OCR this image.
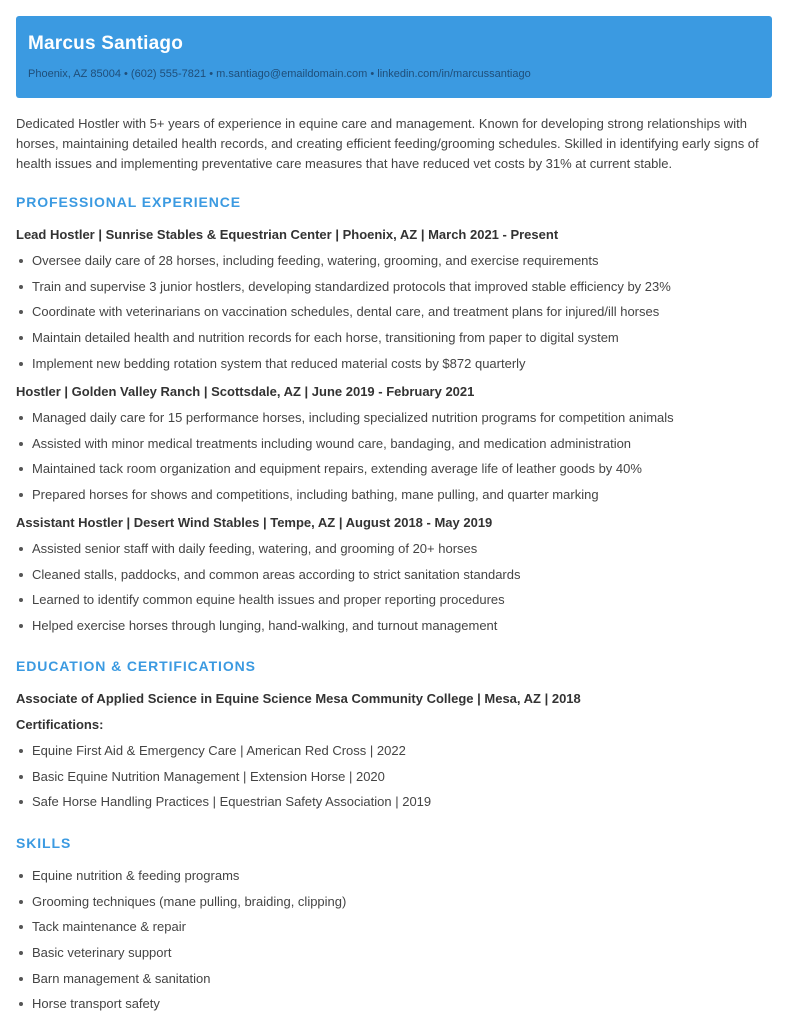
Marcus Santiago
Phoenix, AZ 85004 • (602) 555-7821 • m.santiago@emaildomain.com • linkedin.com/in/marcussantiago
Dedicated Hostler with 5+ years of experience in equine care and management. Known for developing strong relationships with horses, maintaining detailed health records, and creating efficient feeding/grooming schedules. Skilled in identifying early signs of health issues and implementing preventative care measures that have reduced vet costs by 31% at current stable.
PROFESSIONAL EXPERIENCE
Lead Hostler | Sunrise Stables & Equestrian Center | Phoenix, AZ | March 2021 - Present
Oversee daily care of 28 horses, including feeding, watering, grooming, and exercise requirements
Train and supervise 3 junior hostlers, developing standardized protocols that improved stable efficiency by 23%
Coordinate with veterinarians on vaccination schedules, dental care, and treatment plans for injured/ill horses
Maintain detailed health and nutrition records for each horse, transitioning from paper to digital system
Implement new bedding rotation system that reduced material costs by $872 quarterly
Hostler | Golden Valley Ranch | Scottsdale, AZ | June 2019 - February 2021
Managed daily care for 15 performance horses, including specialized nutrition programs for competition animals
Assisted with minor medical treatments including wound care, bandaging, and medication administration
Maintained tack room organization and equipment repairs, extending average life of leather goods by 40%
Prepared horses for shows and competitions, including bathing, mane pulling, and quarter marking
Assistant Hostler | Desert Wind Stables | Tempe, AZ | August 2018 - May 2019
Assisted senior staff with daily feeding, watering, and grooming of 20+ horses
Cleaned stalls, paddocks, and common areas according to strict sanitation standards
Learned to identify common equine health issues and proper reporting procedures
Helped exercise horses through lunging, hand-walking, and turnout management
EDUCATION & CERTIFICATIONS
Associate of Applied Science in Equine Science Mesa Community College | Mesa, AZ | 2018
Certifications:
Equine First Aid & Emergency Care | American Red Cross | 2022
Basic Equine Nutrition Management | Extension Horse | 2020
Safe Horse Handling Practices | Equestrian Safety Association | 2019
SKILLS
Equine nutrition & feeding programs
Grooming techniques (mane pulling, braiding, clipping)
Tack maintenance & repair
Basic veterinary support
Barn management & sanitation
Horse transport safety
